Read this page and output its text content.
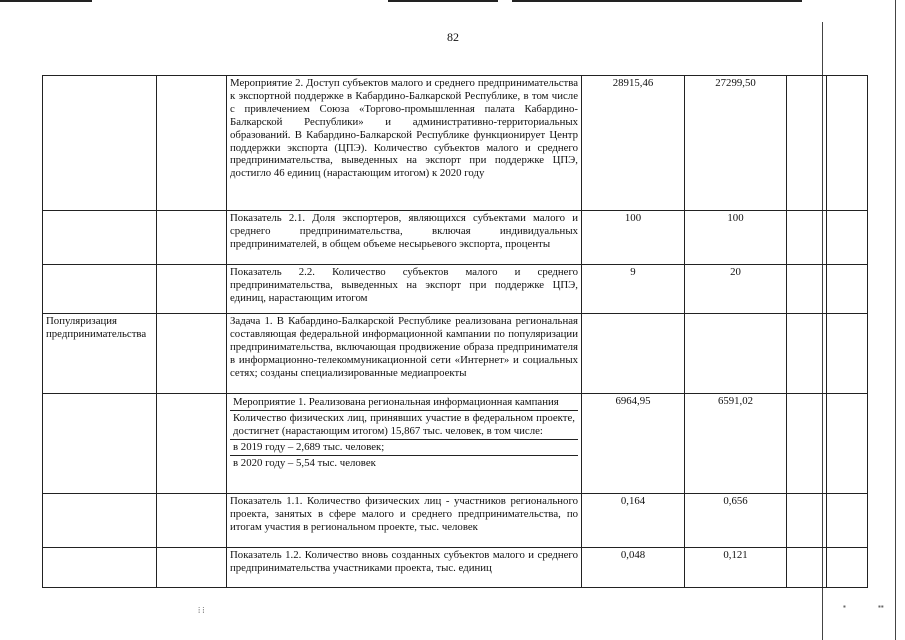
▪	▪▪
⁞ ⁞
82
		Мероприятие 2. Доступ субъектов малого и среднего предпринимательства к экспортной поддержке в Кабардино-Балкарской Республике, в том числе с привлечением Союза «Торгово-промышленная палата Кабардино-Балкарской Республики» и административно-территориальных образований. В Кабардино-Балкарской Республике функционирует Центр поддержки экспорта (ЦПЭ). Количество субъектов малого и среднего предпринимательства, выведенных на экспорт при поддержке ЦПЭ, достигло 46 единиц (нарастающим итогом) к 2020 году	28915,46	27299,50		
		Показатель 2.1. Доля экспортеров, являющихся субъектами малого и среднего предпринимательства, включая индивидуальных предпринимателей, в общем объеме несырьевого экспорта, проценты	100	100		
		Показатель 2.2. Количество субъектов малого и среднего предпринимательства, выведенных на экспорт при поддержке ЦПЭ, единиц, нарастающим итогом	9	20		
Популяризация предпринимательства		Задача 1. В Кабардино-Балкарской Республике реализована региональная составляющая федеральной информационной кампании по популяризации предпринимательства, включающая продвижение образа предпринимателя в информационно-телекоммуникационной сети «Интернет» и социальных сетях; созданы специализированные медиапроекты				

		Мероприятие 1. Реализована региональная информационная кампания
Количество физических лиц, принявших участие в федеральном проекте, достигнет (нарастающим итогом) 15,867 тыс. человек, в том числе:
в 2019 году – 2,689 тыс. человек;
в 2020 году – 5,54 тыс. человек	6964,95	6591,02		
		Показатель 1.1. Количество физических лиц - участников регионального проекта, занятых в сфере малого и среднего предпринимательства, по итогам участия в региональном проекте, тыс. человек	0,164	0,656		
		Показатель 1.2. Количество вновь созданных субъектов малого и среднего предпринимательства участниками проекта, тыс. единиц	0,048	0,121		
